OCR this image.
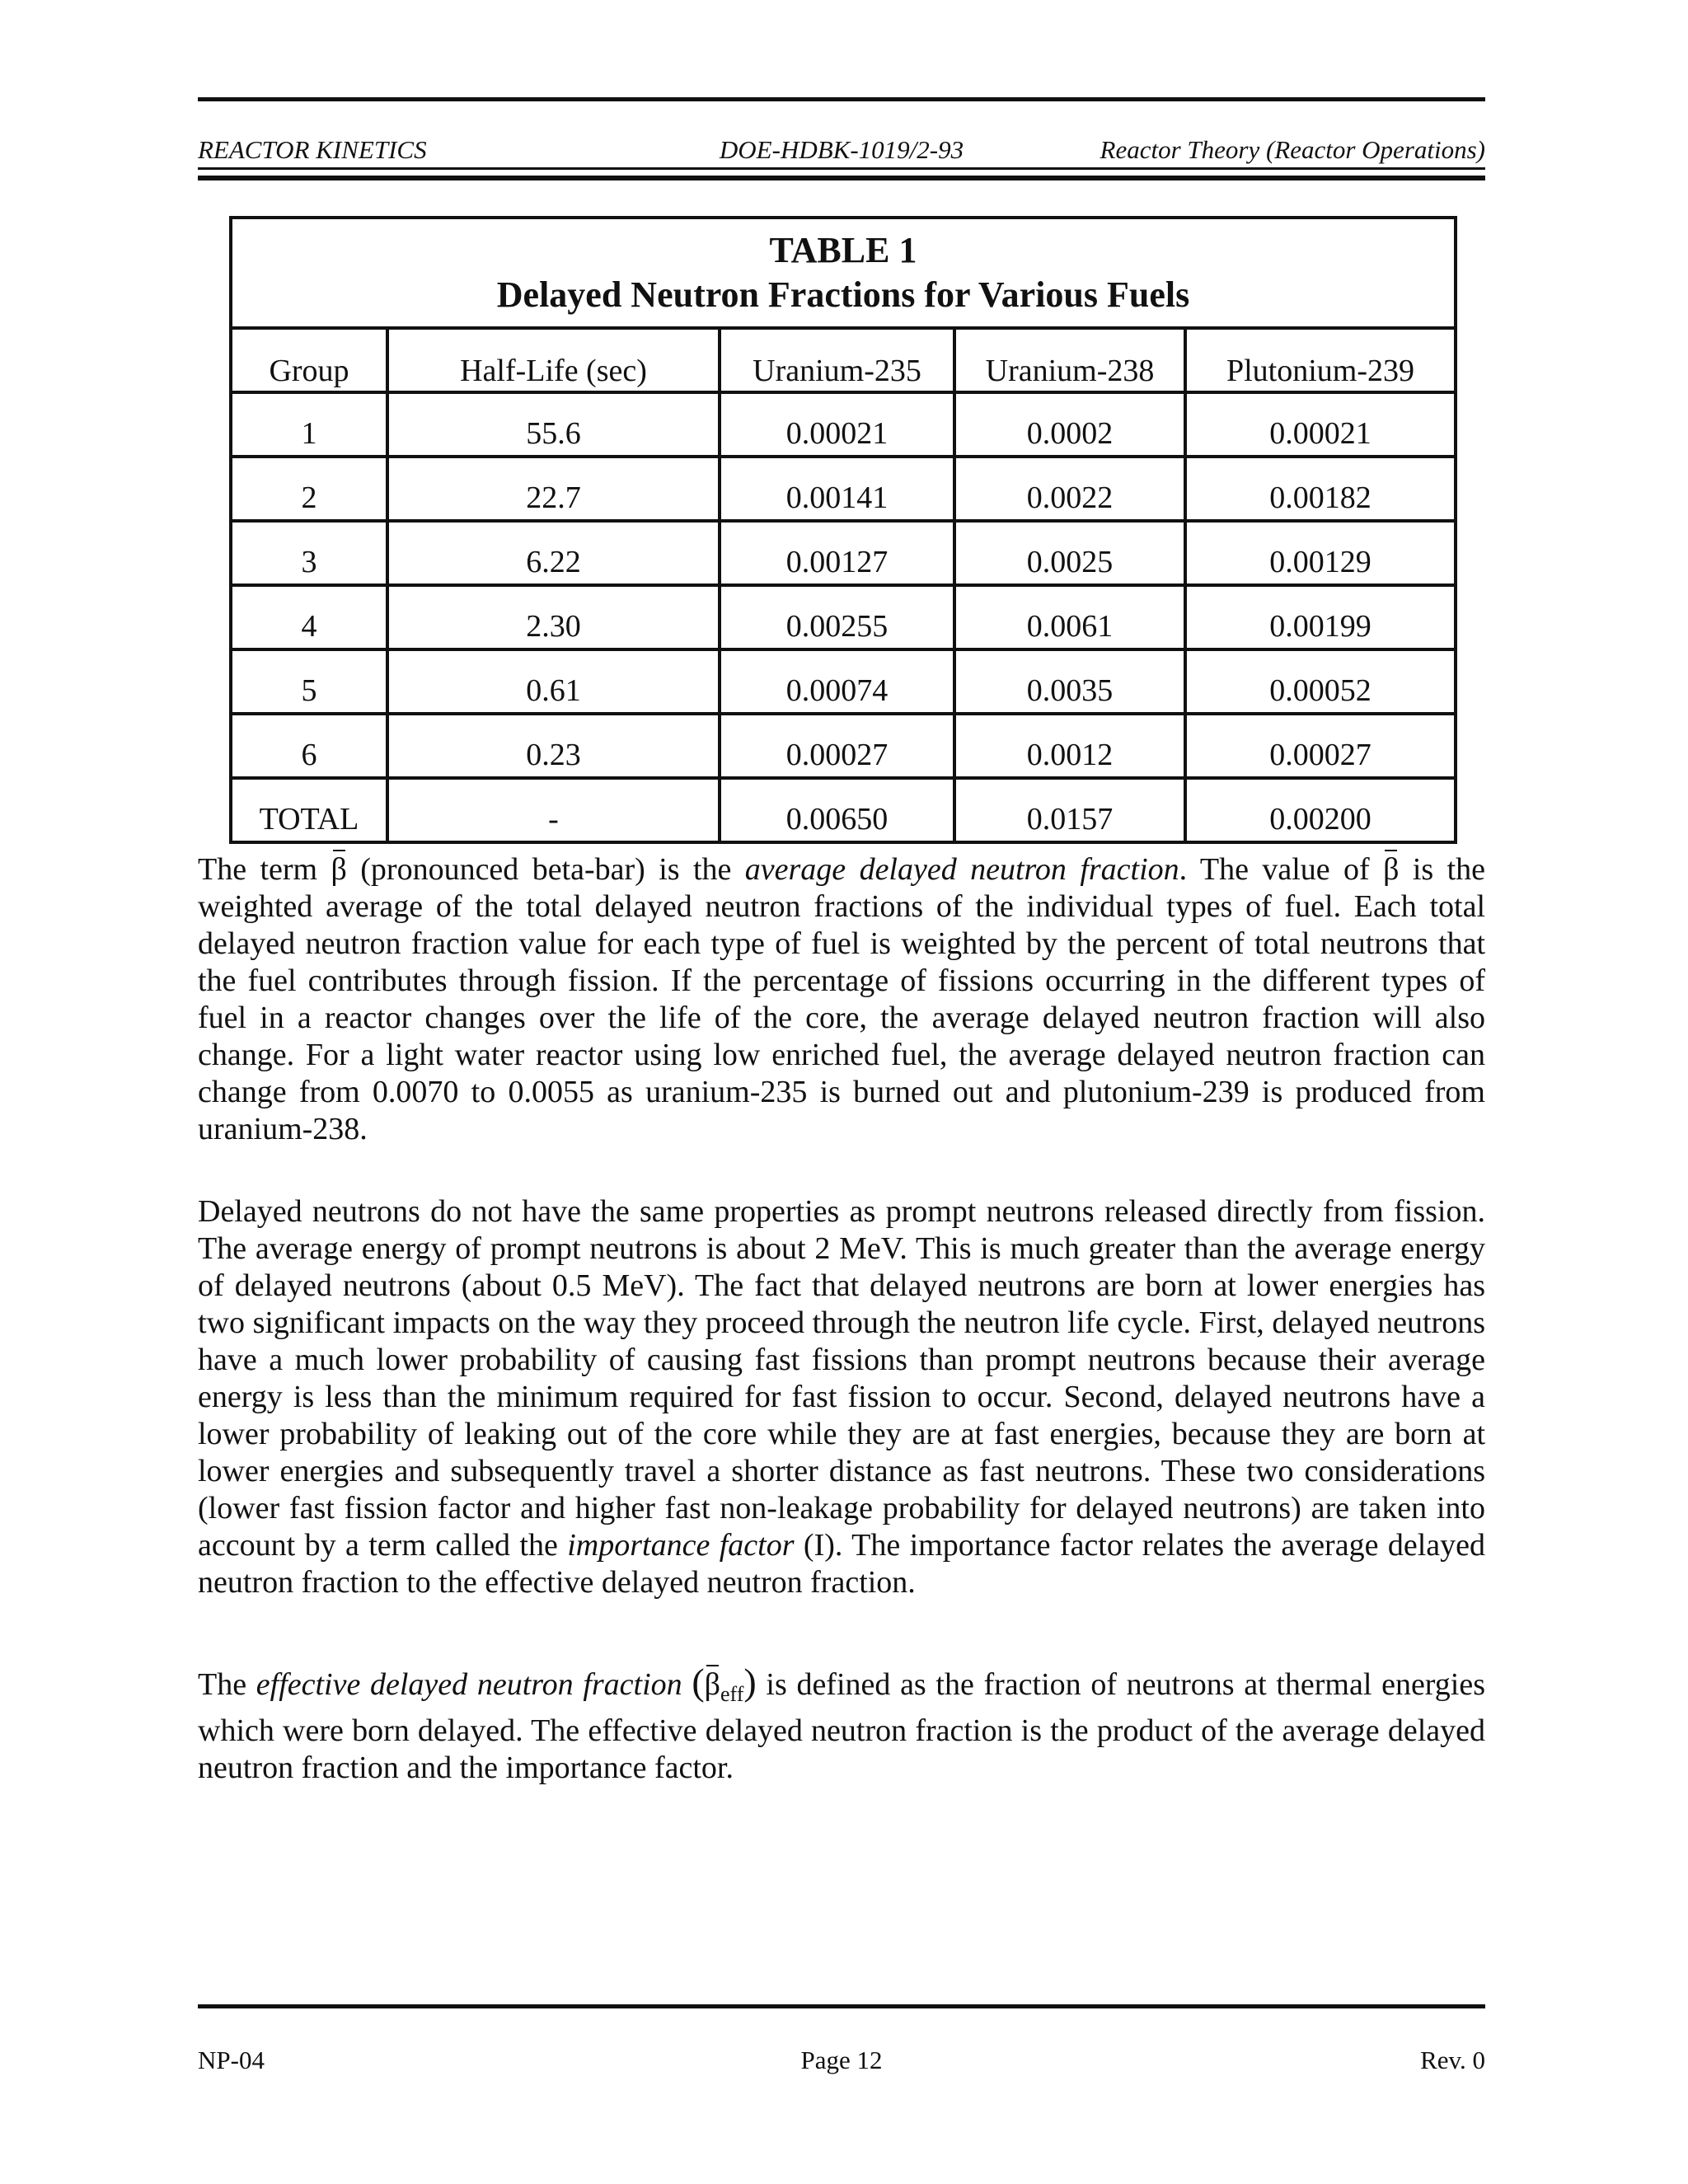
REACTOR KINETICS	DOE-HDBK-1019/2-93	Reactor Theory (Reactor Operations)
TABLE 1
Delayed Neutron Fractions for Various Fuels				

Group	Half-Life (sec)	Uranium-235	Uranium-238	Plutonium-239
1	55.6	0.00021	0.0002	0.00021
2	22.7	0.00141	0.0022	0.00182
3	6.22	0.00127	0.0025	0.00129
4	2.30	0.00255	0.0061	0.00199
5	0.61	0.00074	0.0035	0.00052
6	0.23	0.00027	0.0012	0.00027
TOTAL	-	0.00650	0.0157	0.00200

The term β (pronounced beta-bar) is the average delayed neutron fraction. The value of β is the weighted average of the total delayed neutron fractions of the individual types of fuel. Each total delayed neutron fraction value for each type of fuel is weighted by the percent of total neutrons that the fuel contributes through fission. If the percentage of fissions occurring in the different types of fuel in a reactor changes over the life of the core, the average delayed neutron fraction will also change. For a light water reactor using low enriched fuel, the average delayed neutron fraction can change from 0.0070 to 0.0055 as uranium-235 is burned out and plutonium-239 is produced from uranium-238.

Delayed neutrons do not have the same properties as prompt neutrons released directly from fission. The average energy of prompt neutrons is about 2 MeV. This is much greater than the average energy of delayed neutrons (about 0.5 MeV). The fact that delayed neutrons are born at lower energies has two significant impacts on the way they proceed through the neutron life cycle. First, delayed neutrons have a much lower probability of causing fast fissions than prompt neutrons because their average energy is less than the minimum required for fast fission to occur. Second, delayed neutrons have a lower probability of leaking out of the core while they are at fast energies, because they are born at lower energies and subsequently travel a shorter distance as fast neutrons. These two considerations (lower fast fission factor and higher fast non-leakage probability for delayed neutrons) are taken into account by a term called the importance factor (I). The importance factor relates the average delayed neutron fraction to the effective delayed neutron fraction.

The effective delayed neutron fraction $(\beta_{eff})$ is defined as the fraction of neutrons at thermal energies which were born delayed. The effective delayed neutron fraction is the product of the average delayed neutron fraction and the importance factor.

NP-04	Page 12	Rev. 0
